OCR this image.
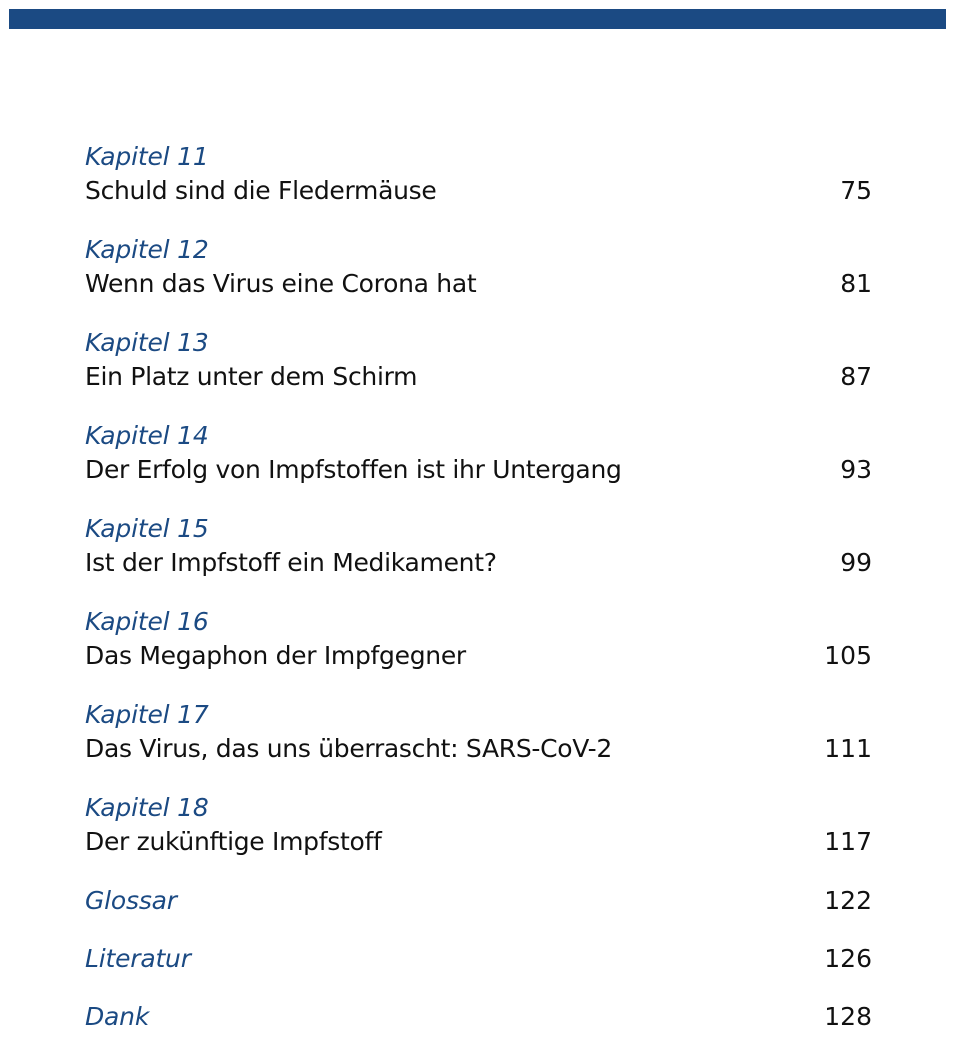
Kapitel 11
Schuld sind die Fledermäuse	75
Kapitel 12
Wenn das Virus eine Corona hat	81
Kapitel 13
Ein Platz unter dem Schirm	87
Kapitel 14
Der Erfolg von Impfstoffen ist ihr Untergang	93
Kapitel 15
Ist der Impfstoff ein Medikament?	99
Kapitel 16
Das Megaphon der Impfgegner	105
Kapitel 17
Das Virus, das uns überrascht: SARS-CoV-2	111
Kapitel 18
Der zukünftige Impfstoff	117
Glossar	122
Literatur	126
Dank	128
